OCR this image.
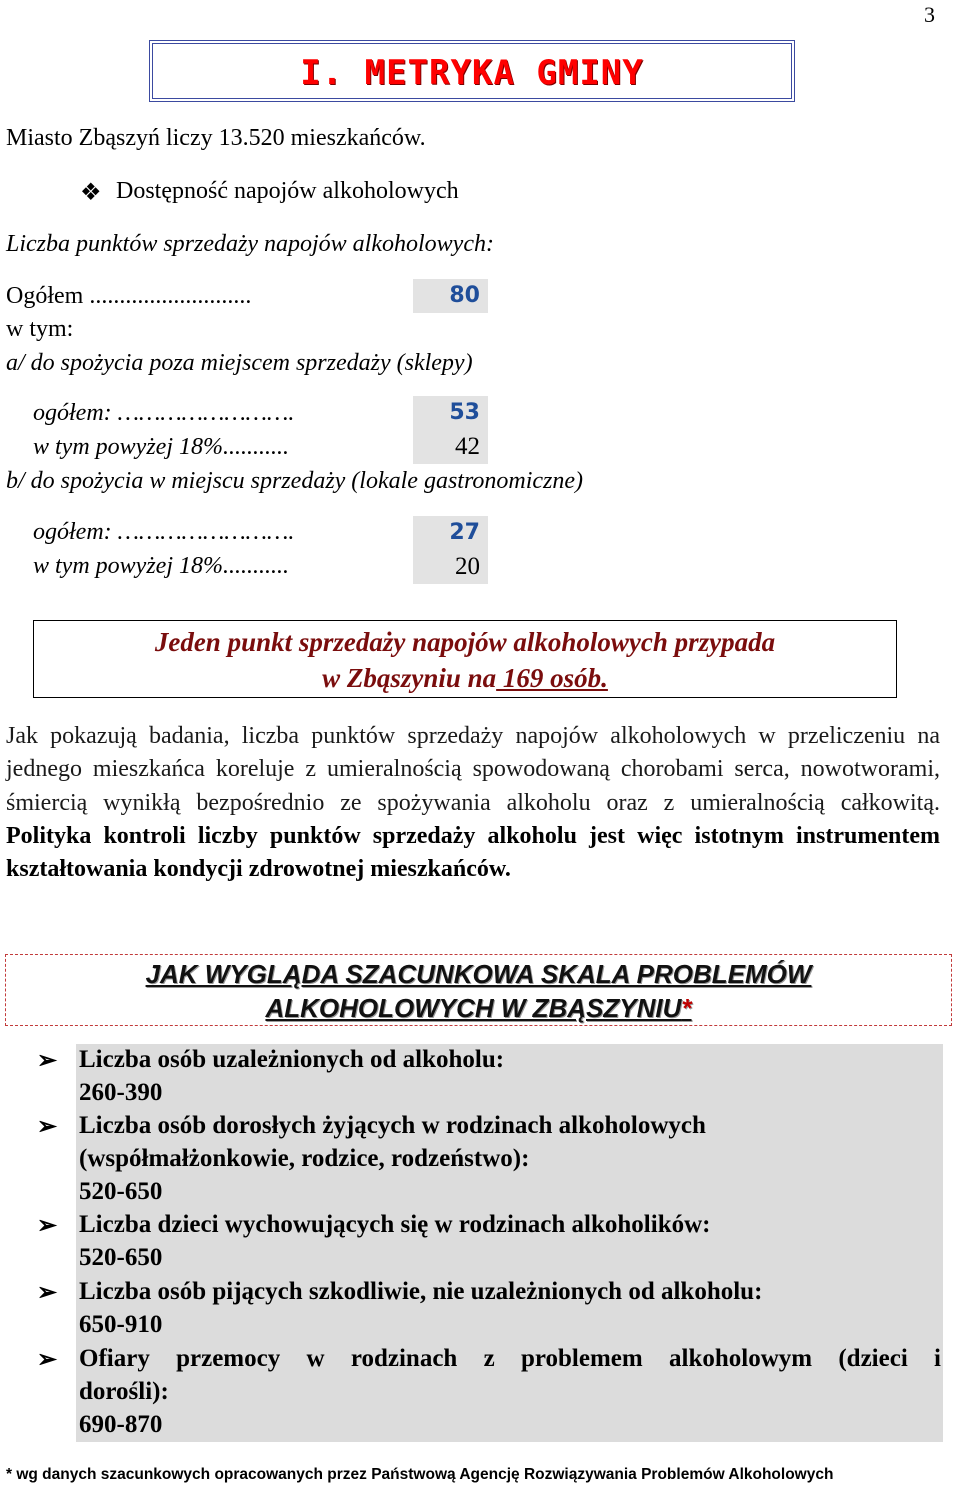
3
I. METRYKA GMINY
Miasto Zbąszyń liczy 13.520 mieszkańców.
❖ Dostępność napojów alkoholowych
Liczba punktów sprzedaży napojów alkoholowych:
Ogółem ...........................	80
w tym:
a/ do spożycia poza miejscem sprzedaży (sklepy)
ogółem: …………………….	53
w tym powyżej 18%...........	42
b/ do spożycia w miejscu sprzedaży (lokale gastronomiczne)
ogółem: …………………….	27
w tym powyżej 18%...........	20
Jeden punkt sprzedaży napojów alkoholowych przypada
w Zbąszyniu na 169 osób.
Jak pokazują badania, liczba punktów sprzedaży napojów alkoholowych w przeliczeniu na jednego mieszkańca koreluje z umieralnością spowodowaną chorobami serca, nowotworami, śmiercią wynikłą bezpośrednio ze spożywania alkoholu oraz z umieralnością całkowitą. Polityka kontroli liczby punktów sprzedaży alkoholu jest więc istotnym instrumentem kształtowania kondycji zdrowotnej mieszkańców.
JAK WYGLĄDA SZACUNKOWA SKALA PROBLEMÓW
ALKOHOLOWYCH W ZBĄSZYNIU*
➢ Liczba osób uzależnionych od alkoholu:
260-390
➢ Liczba osób dorosłych żyjących w rodzinach alkoholowych
(współmałżonkowie, rodzice, rodzeństwo):
520-650
➢ Liczba dzieci wychowujących się w rodzinach alkoholików:
520-650
➢ Liczba osób pijących szkodliwie, nie uzależnionych od alkoholu:
650-910
➢ Ofiary przemocy w rodzinach z problemem alkoholowym (dzieci i
dorośli):
690-870
* wg danych szacunkowych opracowanych przez Państwową Agencję Rozwiązywania Problemów Alkoholowych
